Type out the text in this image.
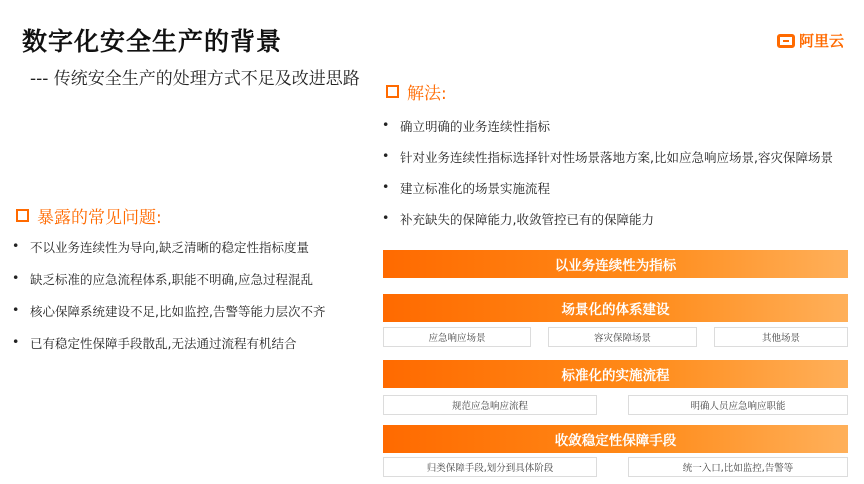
数字化安全生产的背景
--- 传统安全生产的处理方式不足及改进思路
阿里云
暴露的常见问题:
• 不以业务连续性为导向,缺乏清晰的稳定性指标度量
• 缺乏标准的应急流程体系,职能不明确,应急过程混乱
• 核心保障系统建设不足,比如监控,告警等能力层次不齐
• 已有稳定性保障手段散乱,无法通过流程有机结合
解法:
• 确立明确的业务连续性指标
• 针对业务连续性指标选择针对性场景落地方案,比如应急响应场景,容灾保障场景
• 建立标准化的场景实施流程
• 补充缺失的保障能力,收敛管控已有的保障能力
以业务连续性为指标
场景化的体系建设
应急响应场景	容灾保障场景	其他场景
标准化的实施流程
规范应急响应流程	明确人员应急响应职能
收敛稳定性保障手段
归类保障手段,划分到具体阶段	统一入口,比如监控,告警等
